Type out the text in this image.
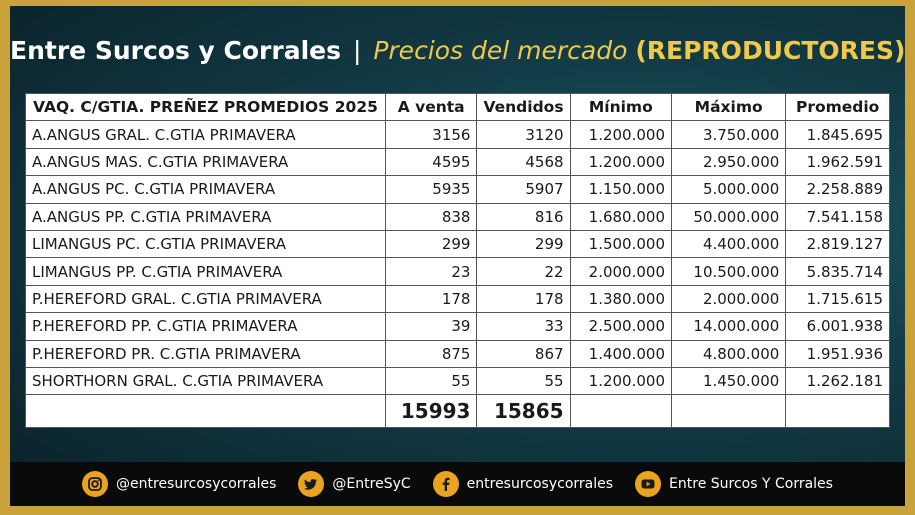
Entre Surcos y Corrales | Precios del mercado (REPRODUCTORES)
VAQ. C/GTIA. PREÑEZ PROMEDIOS 2025	A venta	Vendidos	Mínimo	Máximo	Promedio
A.ANGUS GRAL. C.GTIA PRIMAVERA	3156	3120	1.200.000	3.750.000	1.845.695
A.ANGUS MAS. C.GTIA PRIMAVERA	4595	4568	1.200.000	2.950.000	1.962.591
A.ANGUS PC. C.GTIA PRIMAVERA	5935	5907	1.150.000	5.000.000	2.258.889
A.ANGUS PP. C.GTIA PRIMAVERA	838	816	1.680.000	50.000.000	7.541.158
LIMANGUS PC. C.GTIA PRIMAVERA	299	299	1.500.000	4.400.000	2.819.127
LIMANGUS PP. C.GTIA PRIMAVERA	23	22	2.000.000	10.500.000	5.835.714
P.HEREFORD GRAL. C.GTIA PRIMAVERA	178	178	1.380.000	2.000.000	1.715.615
P.HEREFORD PP. C.GTIA PRIMAVERA	39	33	2.500.000	14.000.000	6.001.938
P.HEREFORD PR. C.GTIA PRIMAVERA	875	867	1.400.000	4.800.000	1.951.936
SHORTHORN GRAL. C.GTIA PRIMAVERA	55	55	1.200.000	1.450.000	1.262.181
	15993	15865			
@entresurcosycorrales	@EntreSyC	entresurcosycorrales	Entre Surcos Y Corrales
